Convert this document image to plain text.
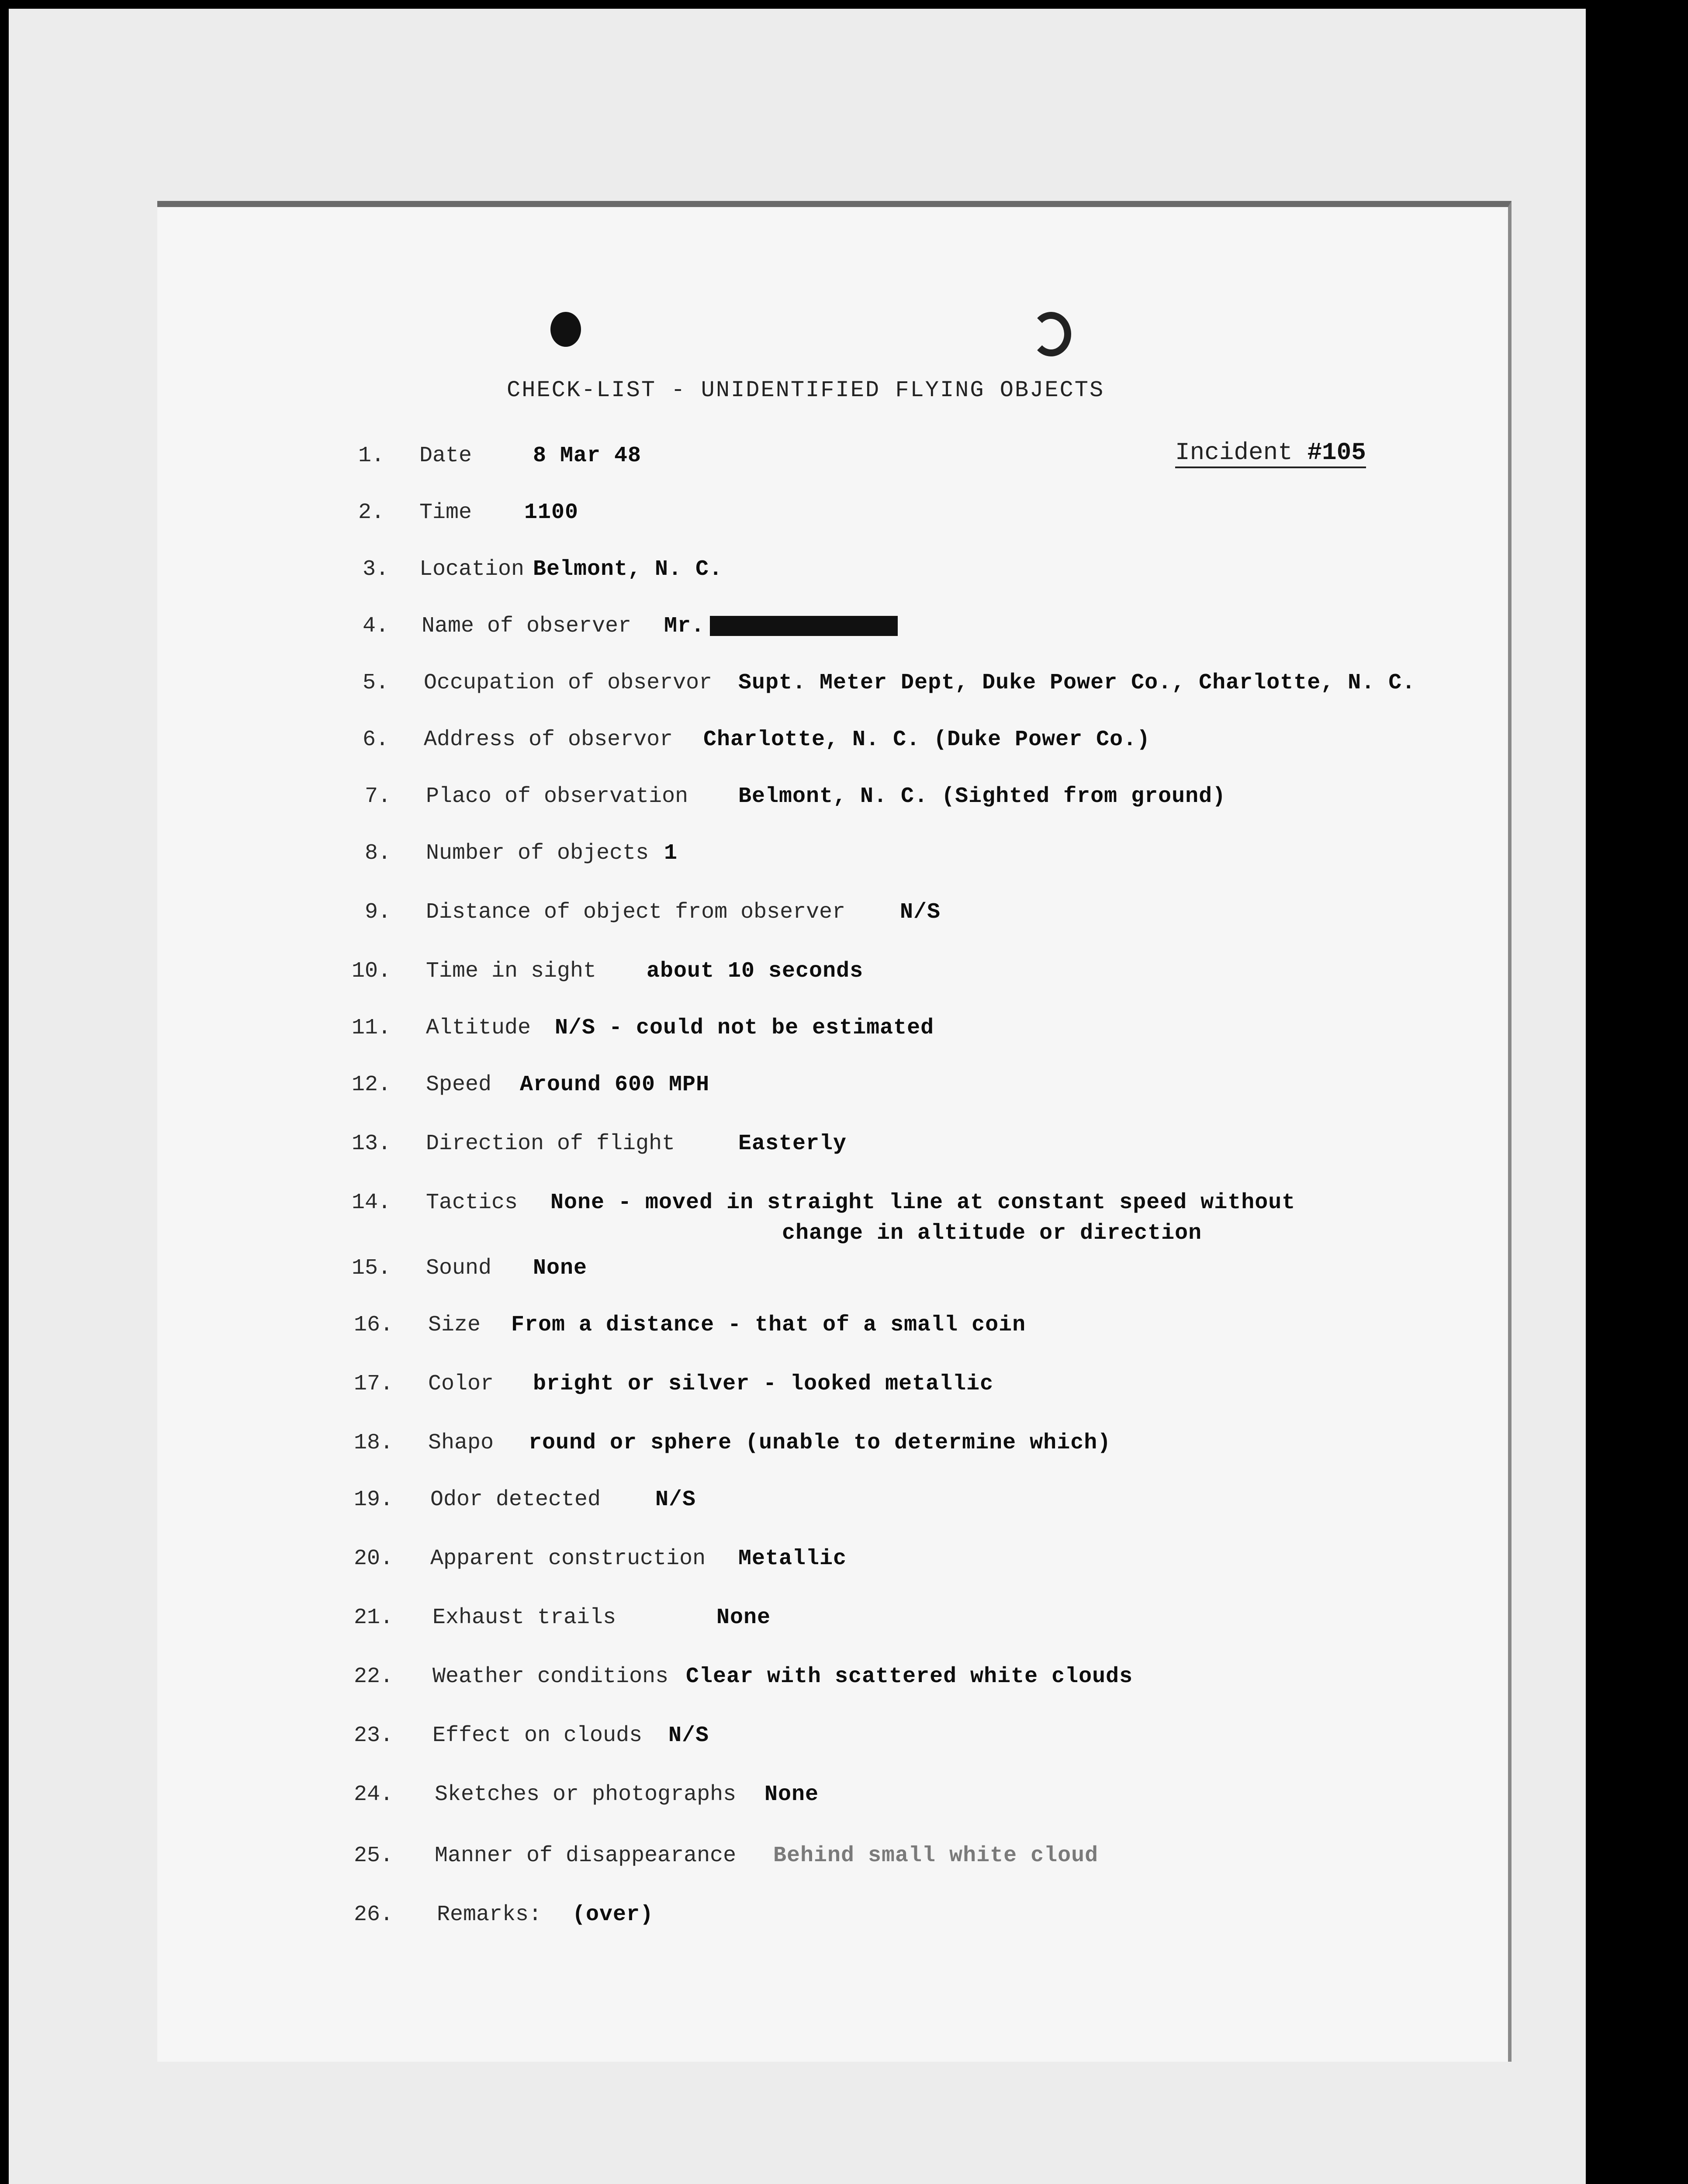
CHECK-LIST - UNIDENTIFIED FLYING OBJECTS
Incident #105
1. Date	8 Mar 48
2. Time 1100
3. Location Belmont, N. C.
4. Name of observer Mr.
5. Occupation of observor Supt. Meter Dept, Duke Power Co., Charlotte, N. C.
6. Address of observor Charlotte, N. C. (Duke Power Co.)
7. Placo of observation Belmont, N. C. (Sighted from ground)
8. Number of objects 1
9. Distance of object from observer N/S
10. Time in sight about 10 seconds
11. Altitude N/S - could not be estimated
12. Speed Around 600 MPH
13. Direction of flight	Easterly
14. Tactics None - moved in straight line at constant speed without
change in altitude or direction
15. Sound None
16. Size From a distance - that of a small coin
17. Color bright or silver - looked metallic
18. Shapo round or sphere (unable to determine which)
19. Odor detected N/S
20. Apparent construction Metallic
21. Exhaust trails	None
22. Weather conditions Clear with scattered white clouds
23. Effect on clouds N/S
24. Sketches or photographs None
25. Manner of disappearance Behind small white cloud
26. Remarks: (over)
